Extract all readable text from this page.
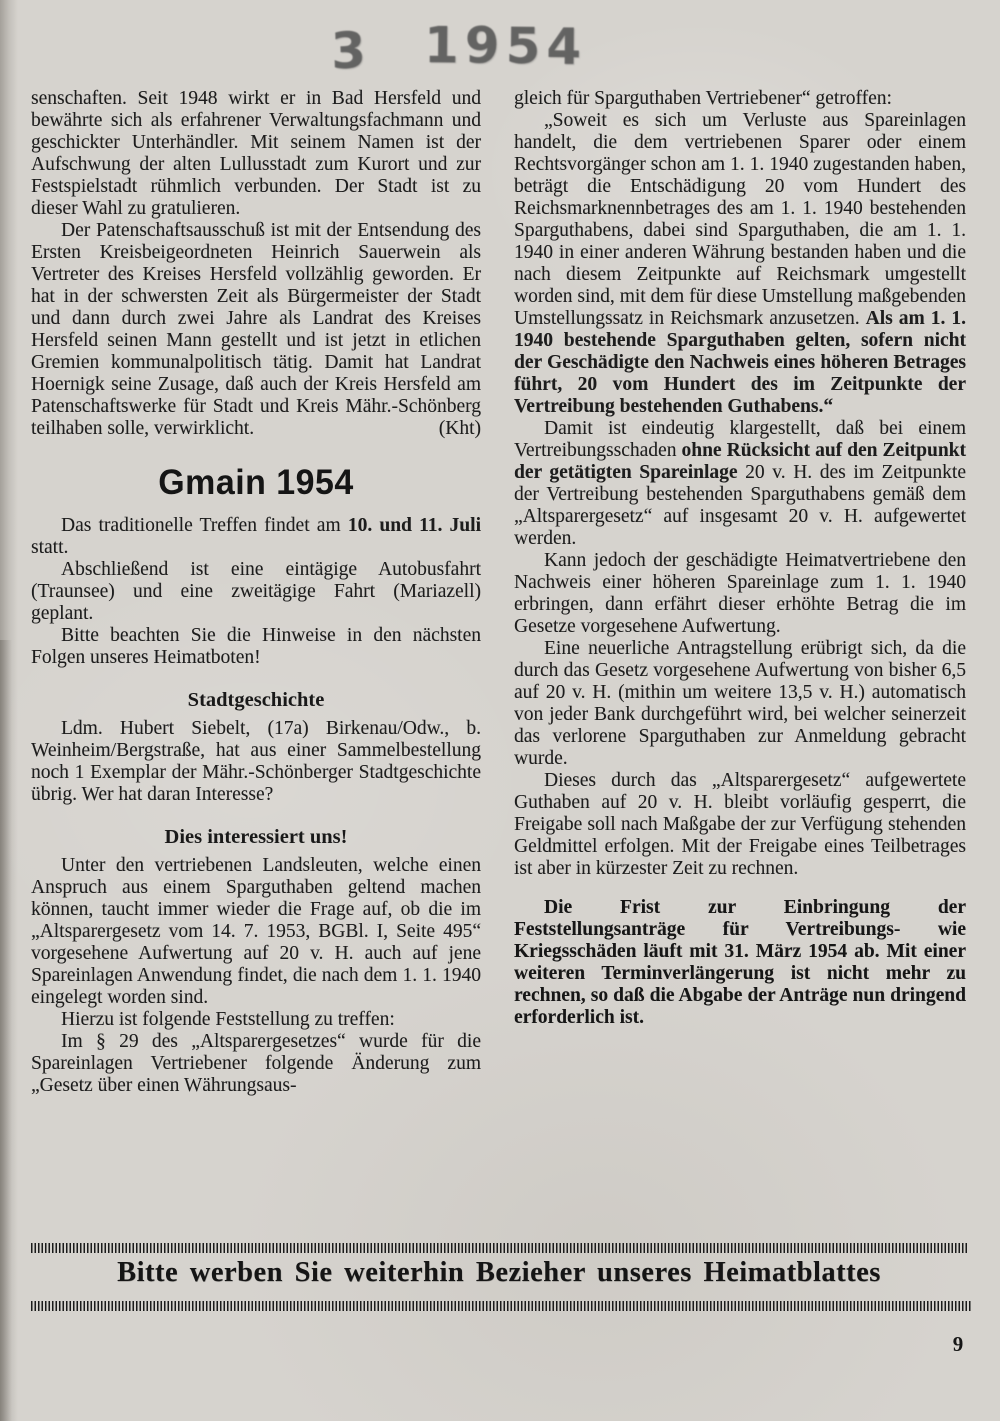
3 1954

senschaften. Seit 1948 wirkt er in Bad Hersfeld und bewährte sich als erfahrener Verwaltungsfachmann und geschickter Unterhändler. Mit seinem Namen ist der Aufschwung der alten Lullusstadt zum Kurort und zur Festspielstadt rühmlich verbunden. Der Stadt ist zu dieser Wahl zu gratulieren.

Der Patenschaftsausschuß ist mit der Entsendung des Ersten Kreisbeigeordneten Heinrich Sauerwein als Vertreter des Kreises Hersfeld vollzählig geworden. Er hat in der schwersten Zeit als Bürgermeister der Stadt und dann durch zwei Jahre als Landrat des Kreises Hersfeld seinen Mann gestellt und ist jetzt in etlichen Gremien kommunalpolitisch tätig. Damit hat Landrat Hoernigk seine Zusage, daß auch der Kreis Hersfeld am Patenschaftswerke für Stadt und Kreis Mähr.-Schönberg teilhaben solle, verwirklicht.	(Kht)

Gmain 1954

Das traditionelle Treffen findet am 10. und 11. Juli statt.

Abschließend ist eine eintägige Autobusfahrt (Traunsee) und eine zweitägige Fahrt (Mariazell) geplant.

Bitte beachten Sie die Hinweise in den nächsten Folgen unseres Heimatboten!

Stadtgeschichte

Ldm. Hubert Siebelt, (17a) Birkenau/Odw., b. Weinheim/Bergstraße, hat aus einer Sammelbestellung noch 1 Exemplar der Mähr.-Schönberger Stadtgeschichte übrig. Wer hat daran Interesse?

Dies interessiert uns!

Unter den vertriebenen Landsleuten, welche einen Anspruch aus einem Sparguthaben geltend machen können, taucht immer wieder die Frage auf, ob die im „Altsparergesetz vom 14. 7. 1953, BGBl. I, Seite 495“ vorgesehene Aufwertung auf 20 v. H. auch auf jene Spareinlagen Anwendung findet, die nach dem 1. 1. 1940 eingelegt worden sind.

Hierzu ist folgende Feststellung zu treffen:

Im § 29 des „Altsparergesetzes“ wurde für die Spareinlagen Vertriebener folgende Änderung zum „Gesetz über einen Währungsaus-

gleich für Sparguthaben Vertriebener“ getroffen:

„Soweit es sich um Verluste aus Spareinlagen handelt, die dem vertriebenen Sparer oder einem Rechtsvorgänger schon am 1. 1. 1940 zugestanden haben, beträgt die Entschädigung 20 vom Hundert des Reichsmarknennbetrages des am 1. 1. 1940 bestehenden Sparguthabens, dabei sind Sparguthaben, die am 1. 1. 1940 in einer anderen Währung bestanden haben und die nach diesem Zeitpunkte auf Reichsmark umgestellt worden sind, mit dem für diese Umstellung maßgebenden Umstellungssatz in Reichsmark anzusetzen. Als am 1. 1. 1940 bestehende Sparguthaben gelten, sofern nicht der Geschädigte den Nachweis eines höheren Betrages führt, 20 vom Hundert des im Zeitpunkte der Vertreibung bestehenden Guthabens.“

Damit ist eindeutig klargestellt, daß bei einem Vertreibungsschaden ohne Rücksicht auf den Zeitpunkt der getätigten Spareinlage 20 v. H. des im Zeitpunkte der Vertreibung bestehenden Sparguthabens gemäß dem „Altsparergesetz“ auf insgesamt 20 v. H. aufgewertet werden.

Kann jedoch der geschädigte Heimatvertriebene den Nachweis einer höheren Spareinlage zum 1. 1. 1940 erbringen, dann erfährt dieser erhöhte Betrag die im Gesetze vorgesehene Aufwertung.

Eine neuerliche Antragstellung erübrigt sich, da die durch das Gesetz vorgesehene Aufwertung von bisher 6,5 auf 20 v. H. (mithin um weitere 13,5 v. H.) automatisch von jeder Bank durchgeführt wird, bei welcher seinerzeit das verlorene Sparguthaben zur Anmeldung gebracht wurde.

Dieses durch das „Altsparergesetz“ aufgewertete Guthaben auf 20 v. H. bleibt vorläufig gesperrt, die Freigabe soll nach Maßgabe der zur Verfügung stehenden Geldmittel erfolgen. Mit der Freigabe eines Teilbetrages ist aber in kürzester Zeit zu rechnen.

Die Frist zur Einbringung der Feststellungsanträge für Vertreibungs- wie Kriegsschäden läuft mit 31. März 1954 ab. Mit einer weiteren Terminverlängerung ist nicht mehr zu rechnen, so daß die Abgabe der Anträge nun dringend erforderlich ist.

Bitte werben Sie weiterhin Bezieher unseres Heimatblattes
9
